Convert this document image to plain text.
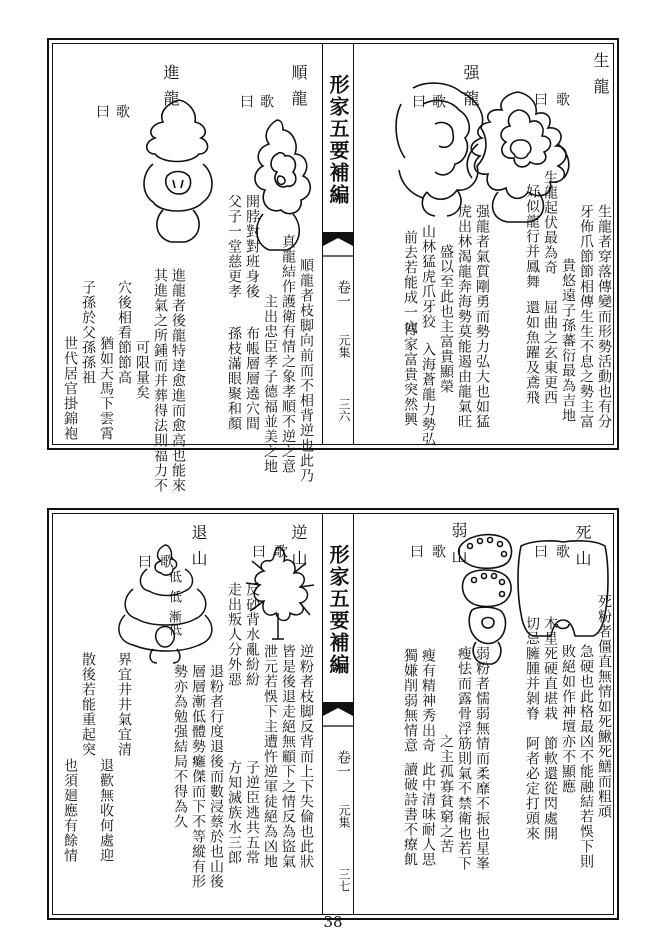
形家五要補編
卷一
元集
三六
生龍
歌
曰
生龍者穿落傳變而形勢活動也有分
牙佈爪節節相傳生生不息之勢主富
貴悠遠子孫蕃衍最為吉地
生龍起伏最為奇
屈曲之玄東更西
好似龍行并鳳舞
還如魚躍及鳶飛
强龍
歌
曰
强龍者氣質剛勇而勢力弘大也如猛
虎出林渴龍奔海勢莫能遏由龍氣旺
盛以至此也主富貴顯榮
山林猛虎爪牙狡
入海蒼龍力勢弘
前去若能成一穴
傳家富貴突然興
順龍
歌
曰
順龍者枝脚向前而不相背逆也此乃
真龍結作護衛有情之象孝順不逆之意
主出忠臣孝子德福並美之地
開脖對對班身後
布帳層層遶穴間
父子一堂慈更孝
孫枝滿眼聚和顏
進龍
歌
曰
進龍者後龍特達愈進而愈高也能來
其進氣之所鍾而并葬得法則福力不
可限量矣
穴後相看節節高
猶如天馬下雲霄
子孫於父孫孫祖
世代居官掛錦袍
形家五要補編
卷一
元集
三七
死山
歌
曰
死粉者僵直無情如死鰍死鱔而粗頑
急硬也此格最凶不能融結若悞下則
敗絕如作神壇亦不顯應
木星死硬直堪栽
節軟還從閃處開
切忌臃腫并剝脊
阿者必定打頭來
弱山
歌
曰
弱粉者懦弱無情而柔靡不振也星峯
瘦怯而露骨浮筋則氣不禁衛也若下
之主孤寡貧窮之苦
瘦有精神秀出奇
此中清味耐人思
獨嫌削弱無情意
讀破詩書不療飢
逆山
歌
曰
逆粉者枝脚反背而上下失倫也此狀
皆是後退走絕無顧下之情反為盜氣
泄元若悞下主遭忤逆軍徒絕為凶地
反砂背水亂紛紛
子逆臣逃共五常
走出叛人分外惡
方知滅族水三郎
退山
歌
曰
低
低
漸低
退粉者行度退後而數浸蔡於也山後
層層漸低體勢癱傑而下不等縱有形
勢亦為勉强結局不得為久
界宜井井氣宜清
退歡無收何處迎
散後若能重起突
也須廻應有餘情
38
